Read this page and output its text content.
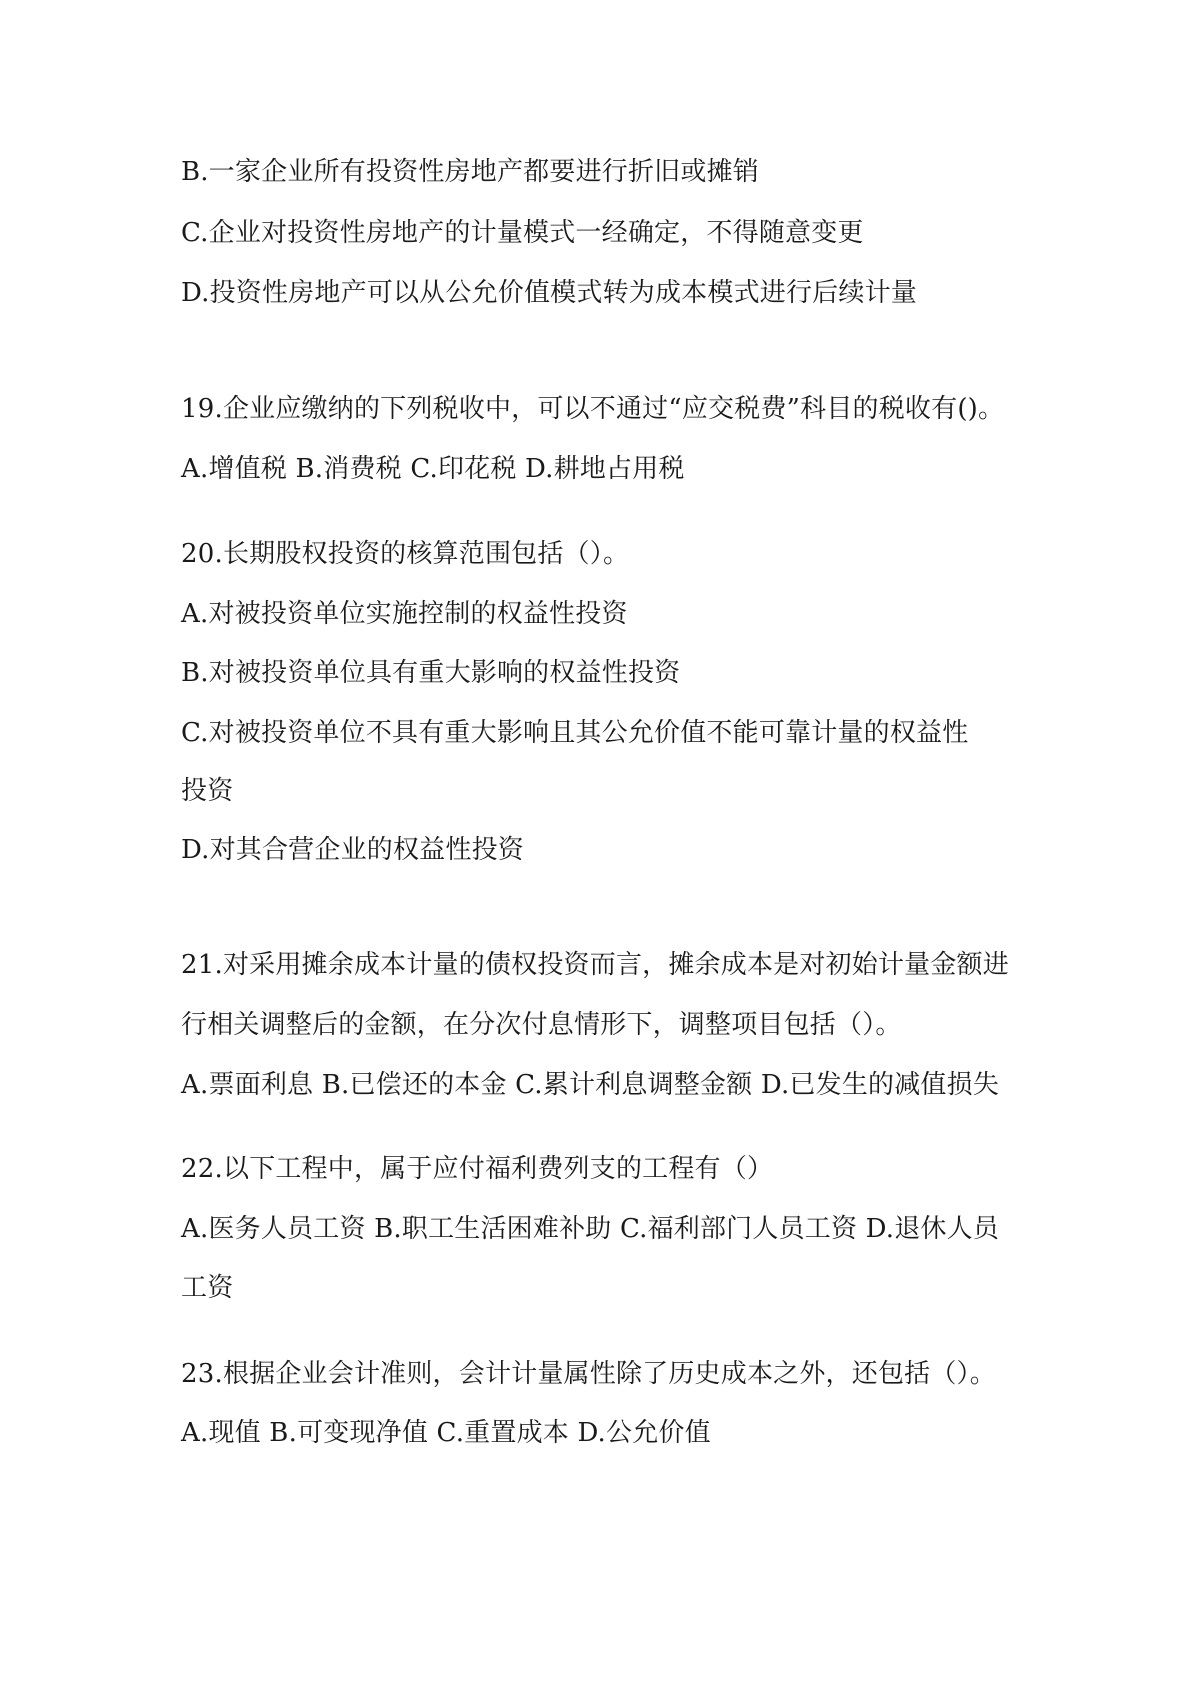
B.一家企业所有投资性房地产都要进行折旧或摊销
C.企业对投资性房地产的计量模式一经确定，不得随意变更
D.投资性房地产可以从公允价值模式转为成本模式进行后续计量
19.企业应缴纳的下列税收中，可以不通过“应交税费”科目的税收有()。
A.增值税 B.消费税 C.印花税 D.耕地占用税
20.长期股权投资的核算范围包括（）。
A.对被投资单位实施控制的权益性投资
B.对被投资单位具有重大影响的权益性投资
C.对被投资单位不具有重大影响且其公允价值不能可靠计量的权益性
投资
D.对其合营企业的权益性投资
21.对采用摊余成本计量的债权投资而言，摊余成本是对初始计量金额进
行相关调整后的金额，在分次付息情形下，调整项目包括（）。
A.票面利息 B.已偿还的本金 C.累计利息调整金额 D.已发生的减值损失
22.以下工程中，属于应付福利费列支的工程有（）
A.医务人员工资 B.职工生活困难补助 C.福利部门人员工资 D.退休人员
工资
23.根据企业会计准则，会计计量属性除了历史成本之外，还包括（）。
A.现值 B.可变现净值 C.重置成本 D.公允价值
